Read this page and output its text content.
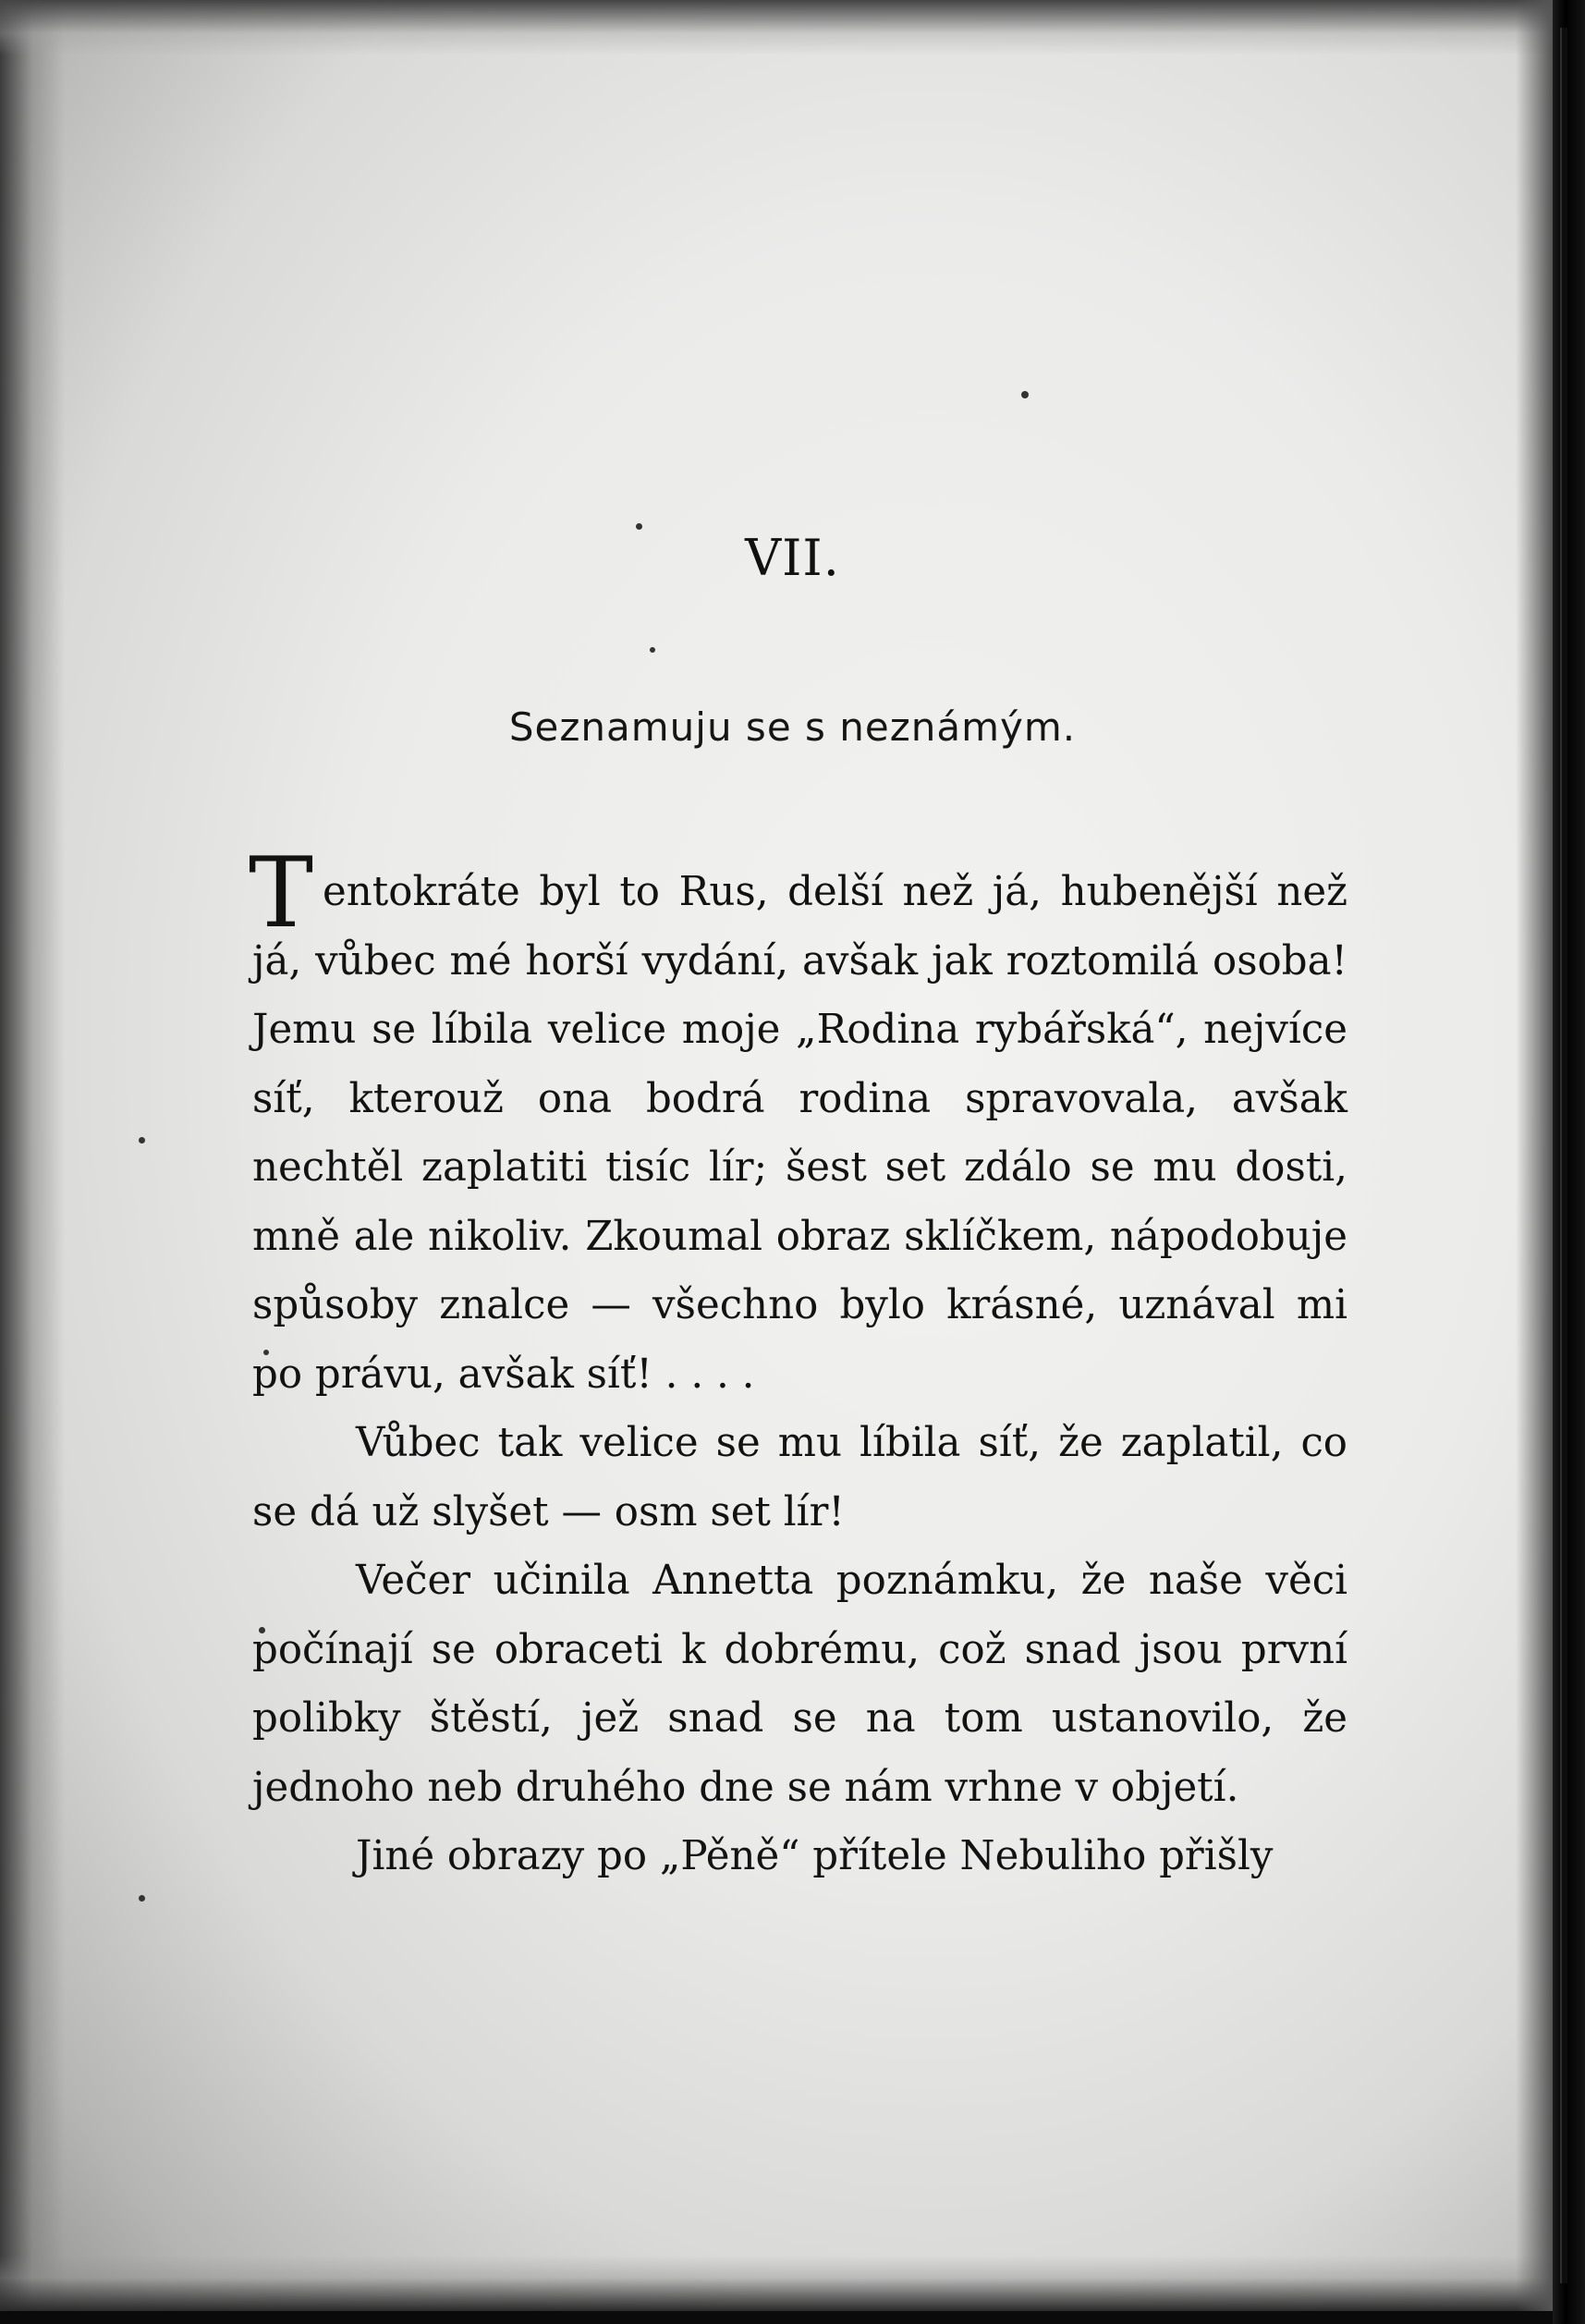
VII.
Seznamuju se s neznámým.

Tentokráte byl to Rus, delší než já, hubenější než já, vůbec mé horší vydání, avšak jak roztomilá osoba! Jemu se líbila velice moje „Rodina rybářská“, nejvíce síť, kterouž ona bodrá rodina spravovala, avšak nechtěl zaplatiti tisíc lír; šest set zdálo se mu dosti, mně ale nikoliv. Zkoumal obraz sklíčkem, nápodobuje spůsoby znalce — všechno bylo krásné, uznával mi po právu, avšak síť! . . . .

Vůbec tak velice se mu líbila síť, že zaplatil, co se dá už slyšet — osm set lír!

Večer učinila Annetta poznámku, že naše věci počínají se obraceti k dobrému, což snad jsou první polibky štěstí, jež snad se na tom ustanovilo, že jednoho neb druhého dne se nám vrhne v objetí.

Jiné obrazy po „Pěně“ přítele Nebuliho přišly
